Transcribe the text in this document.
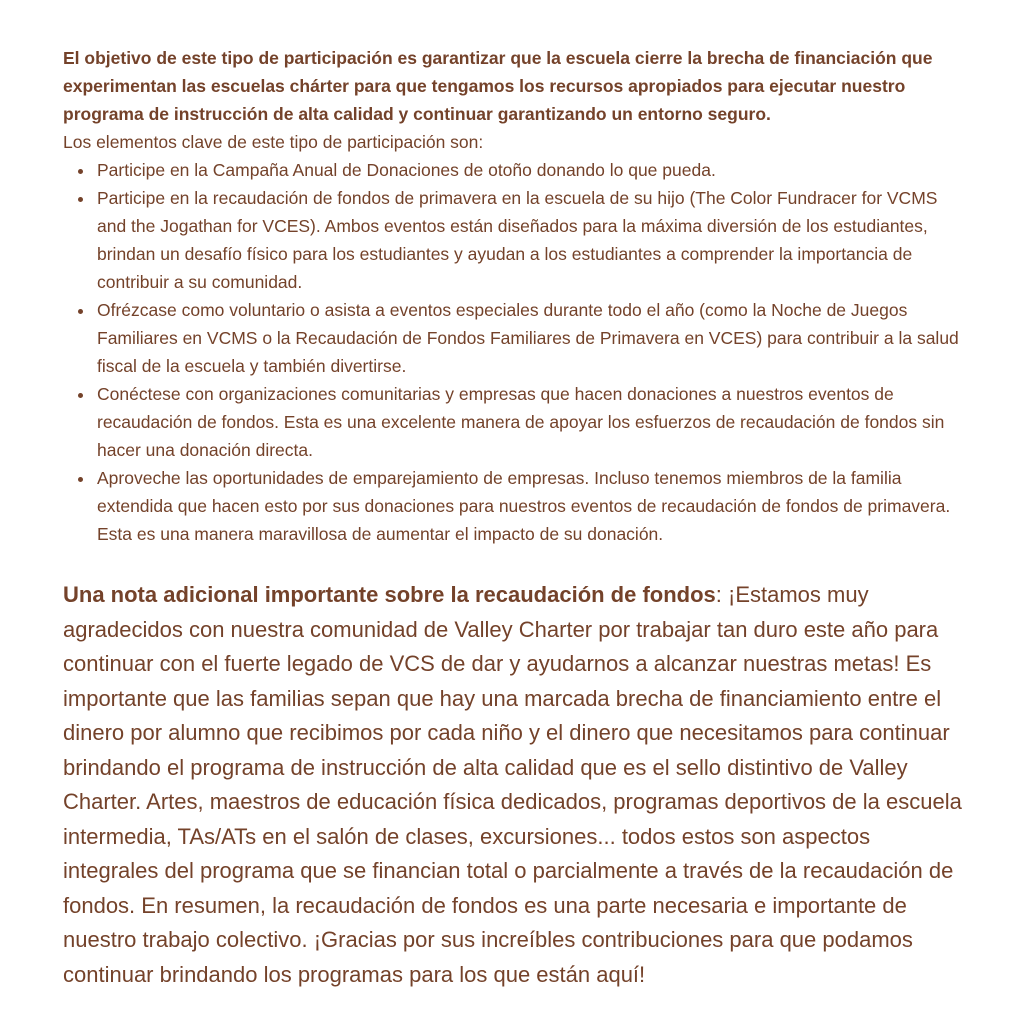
El objetivo de este tipo de participación es garantizar que la escuela cierre la brecha de financiación que experimentan las escuelas chárter para que tengamos los recursos apropiados para ejecutar nuestro programa de instrucción de alta calidad y continuar garantizando un entorno seguro.

Los elementos clave de este tipo de participación son:

• Participe en la Campaña Anual de Donaciones de otoño donando lo que pueda.
• Participe en la recaudación de fondos de primavera en la escuela de su hijo (The Color Fundracer for VCMS and the Jogathan for VCES). Ambos eventos están diseñados para la máxima diversión de los estudiantes, brindan un desafío físico para los estudiantes y ayudan a los estudiantes a comprender la importancia de contribuir a su comunidad.
• Ofrézcase como voluntario o asista a eventos especiales durante todo el año (como la Noche de Juegos Familiares en VCMS o la Recaudación de Fondos Familiares de Primavera en VCES) para contribuir a la salud fiscal de la escuela y también divertirse.
• Conéctese con organizaciones comunitarias y empresas que hacen donaciones a nuestros eventos de recaudación de fondos. Esta es una excelente manera de apoyar los esfuerzos de recaudación de fondos sin hacer una donación directa.
• Aproveche las oportunidades de emparejamiento de empresas. Incluso tenemos miembros de la familia extendida que hacen esto por sus donaciones para nuestros eventos de recaudación de fondos de primavera. Esta es una manera maravillosa de aumentar el impacto de su donación.

Una nota adicional importante sobre la recaudación de fondos: ¡Estamos muy agradecidos con nuestra comunidad de Valley Charter por trabajar tan duro este año para continuar con el fuerte legado de VCS de dar y ayudarnos a alcanzar nuestras metas! Es importante que las familias sepan que hay una marcada brecha de financiamiento entre el dinero por alumno que recibimos por cada niño y el dinero que necesitamos para continuar brindando el programa de instrucción de alta calidad que es el sello distintivo de Valley Charter. Artes, maestros de educación física dedicados, programas deportivos de la escuela intermedia, TAs/ATs en el salón de clases, excursiones... todos estos son aspectos integrales del programa que se financian total o parcialmente a través de la recaudación de fondos. En resumen, la recaudación de fondos es una parte necesaria e importante de nuestro trabajo colectivo. ¡Gracias por sus increíbles contribuciones para que podamos continuar brindando los programas para los que están aquí!
